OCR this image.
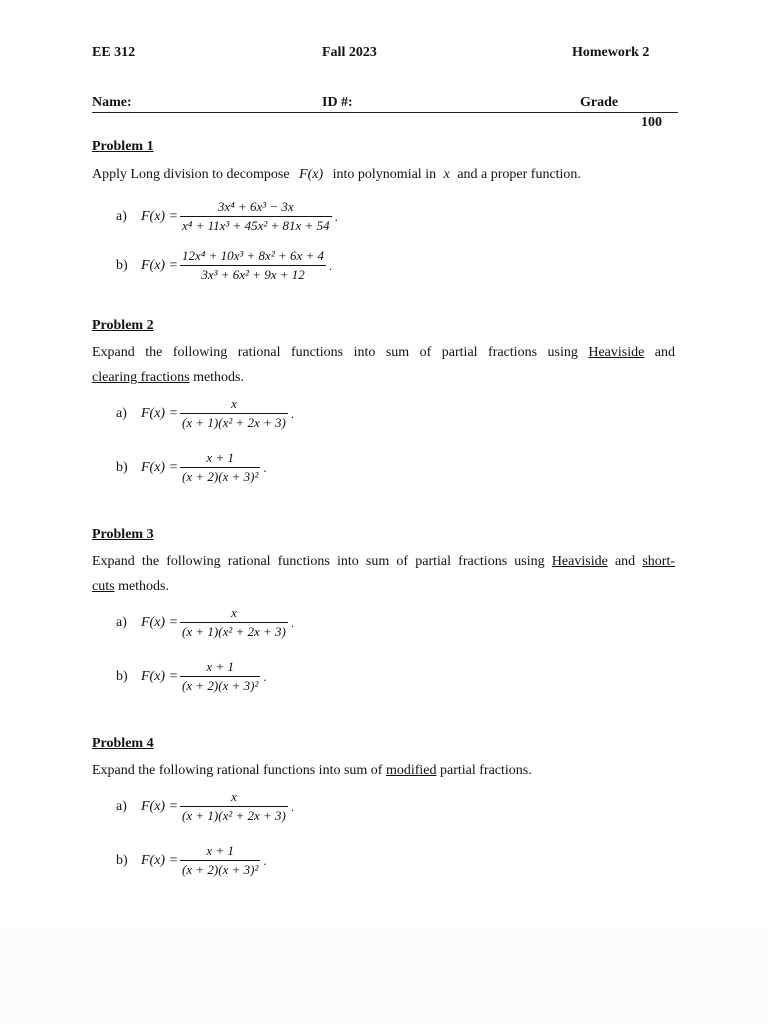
EE 312	Fall 2023	Homework 2
Name:	ID #:	Grade
100
Problem 1
Apply Long division to decompose F(x) into polynomial in x and a proper function.
a)	$F(x) = \frac{\text{3x⁴ + 6x³ − 3x}}{\text{x⁴ + 11x³ + 45x² + 81x + 54}}$ .
b) $F(x) = \frac{\text{12x⁴ + 10x³ + 8x² + 6x + 4}}{\text{3x³ + 6x² + 9x + 12}}$ .
Problem 2
Expand the following rational functions into sum of partial fractions using Heaviside and
clearing fractions methods.
a)	$F(x) = \frac{x}{\text{(x + 1)(x² + 2x + 3)}}$ .
b) $F(x) = \frac{x + 1}{\text{(x + 2)(x + 3)²}}$ .
Problem 3
Expand the following rational functions into sum of partial fractions using Heaviside and short-
cuts methods.
a)	$F(x) = \frac{x}{\text{(x + 1)(x² + 2x + 3)}}$ .
b) $F(x) = \frac{x + 1}{\text{(x + 2)(x + 3)²}}$ .
Problem 4
Expand the following rational functions into sum of modified partial fractions.
a)	$F(x) = \frac{x}{\text{(x + 1)(x² + 2x + 3)}}$ .
b) $F(x) = \frac{x + 1}{\text{(x + 2)(x + 3)²}}$ .
